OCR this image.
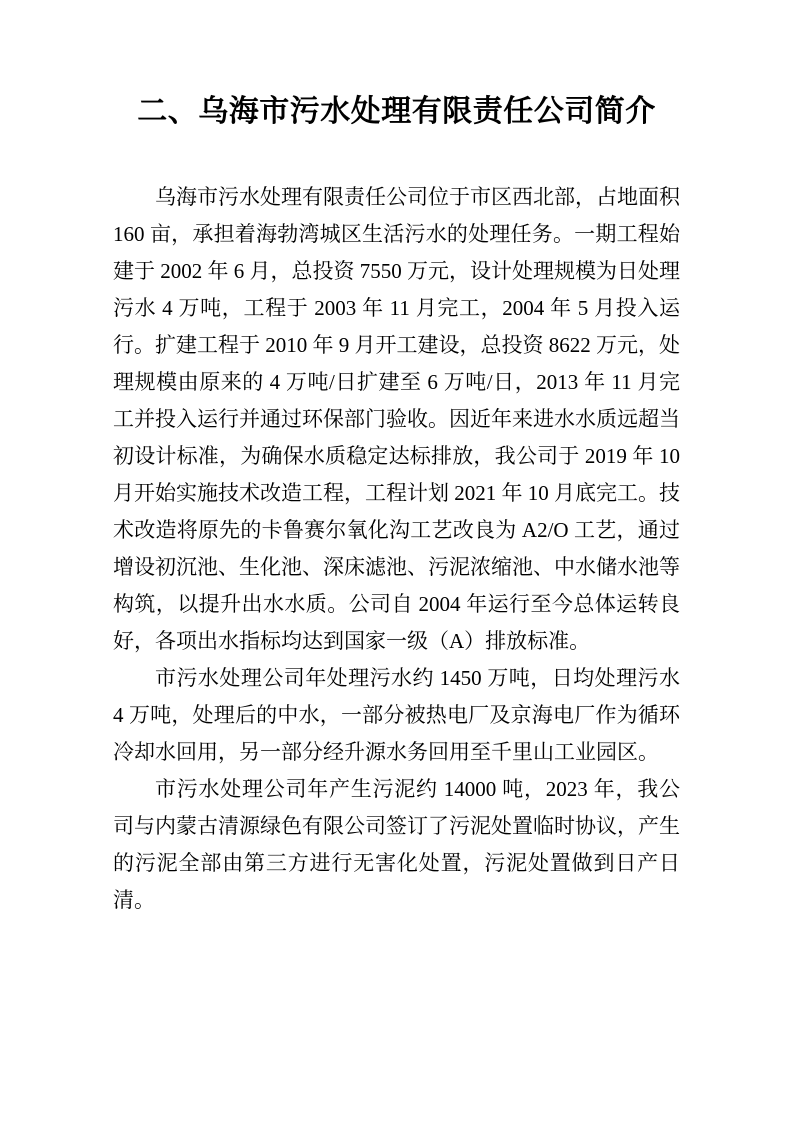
二、乌海市污水处理有限责任公司简介

乌海市污水处理有限责任公司位于市区西北部，占地面积 160 亩，承担着海勃湾城区生活污水的处理任务。一期工程始建于 2002 年 6 月，总投资 7550 万元，设计处理规模为日处理污水 4 万吨，工程于 2003 年 11 月完工，2004 年 5 月投入运行。扩建工程于 2010 年 9 月开工建设，总投资 8622 万元，处理规模由原来的 4 万吨/日扩建至 6 万吨/日，2013 年 11 月完工并投入运行并通过环保部门验收。因近年来进水水质远超当初设计标准，为确保水质稳定达标排放，我公司于 2019 年 10 月开始实施技术改造工程，工程计划 2021 年 10 月底完工。技术改造将原先的卡鲁赛尔氧化沟工艺改良为 A2/O 工艺，通过增设初沉池、生化池、深床滤池、污泥浓缩池、中水储水池等构筑，以提升出水水质。公司自 2004 年运行至今总体运转良好，各项出水指标均达到国家一级（A）排放标准。

市污水处理公司年处理污水约 1450 万吨，日均处理污水 4 万吨，处理后的中水，一部分被热电厂及京海电厂作为循环冷却水回用，另一部分经升源水务回用至千里山工业园区。

市污水处理公司年产生污泥约 14000 吨，2023 年，我公司与内蒙古清源绿色有限公司签订了污泥处置临时协议，产生的污泥全部由第三方进行无害化处置，污泥处置做到日产日清。
